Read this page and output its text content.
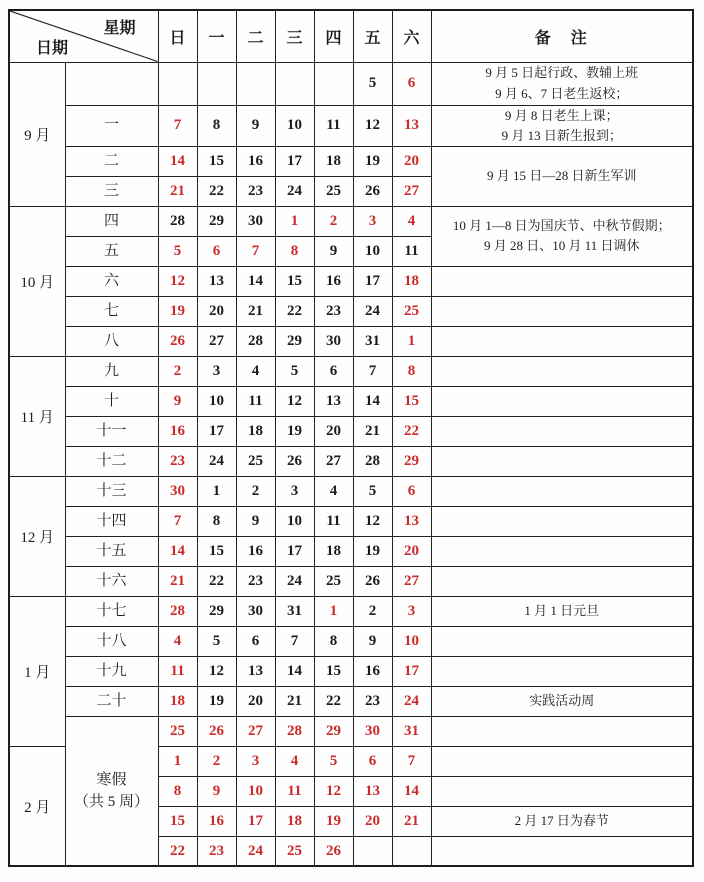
星期
日期		日	一	二	三	四	五	六	备　注
9 月							5	6	9 月 5 日起行政、教辅上班
9 月 6、7 日老生返校；

	一	7	8	9	10	11	12	13	9 月 8 日老生上课；
9 月 13 日新生报到；

	二	14	15	16	17	18	19	20	9 月 15 日—28 日新生军训

	三	21	22	23	24	25	26	27	
10 月	四	28	29	30	1	2	3	4	10 月 1—8 日为国庆节、中秋节假期；
9 月 28 日、10 月 11 日调休

	五	5	6	7	8	9	10	11	
	六	12	13	14	15	16	17	18	
	七	19	20	21	22	23	24	25	
	八	26	27	28	29	30	31	1	
11 月	九	2	3	4	5	6	7	8	
	十	9	10	11	12	13	14	15	
	十一	16	17	18	19	20	21	22	
	十二	23	24	25	26	27	28	29	
12 月	十三	30	1	2	3	4	5	6	
	十四	7	8	9	10	11	12	13	
	十五	14	15	16	17	18	19	20	
	十六	21	22	23	24	25	26	27	
1 月	十七	28	29	30	31	1	2	3	1 月 1 日元旦

	十八	4	5	6	7	8	9	10	
	十九	11	12	13	14	15	16	17	
	二十	18	19	20	21	22	23	24	实践活动周

	寒假
（共 5 周）	25	26	27	28	29	30	31	
2 月		1	2	3	4	5	6	7	
		8	9	10	11	12	13	14	
		15	16	17	18	19	20	21	2 月 17 日为春节

		22	23	24	25	26			
